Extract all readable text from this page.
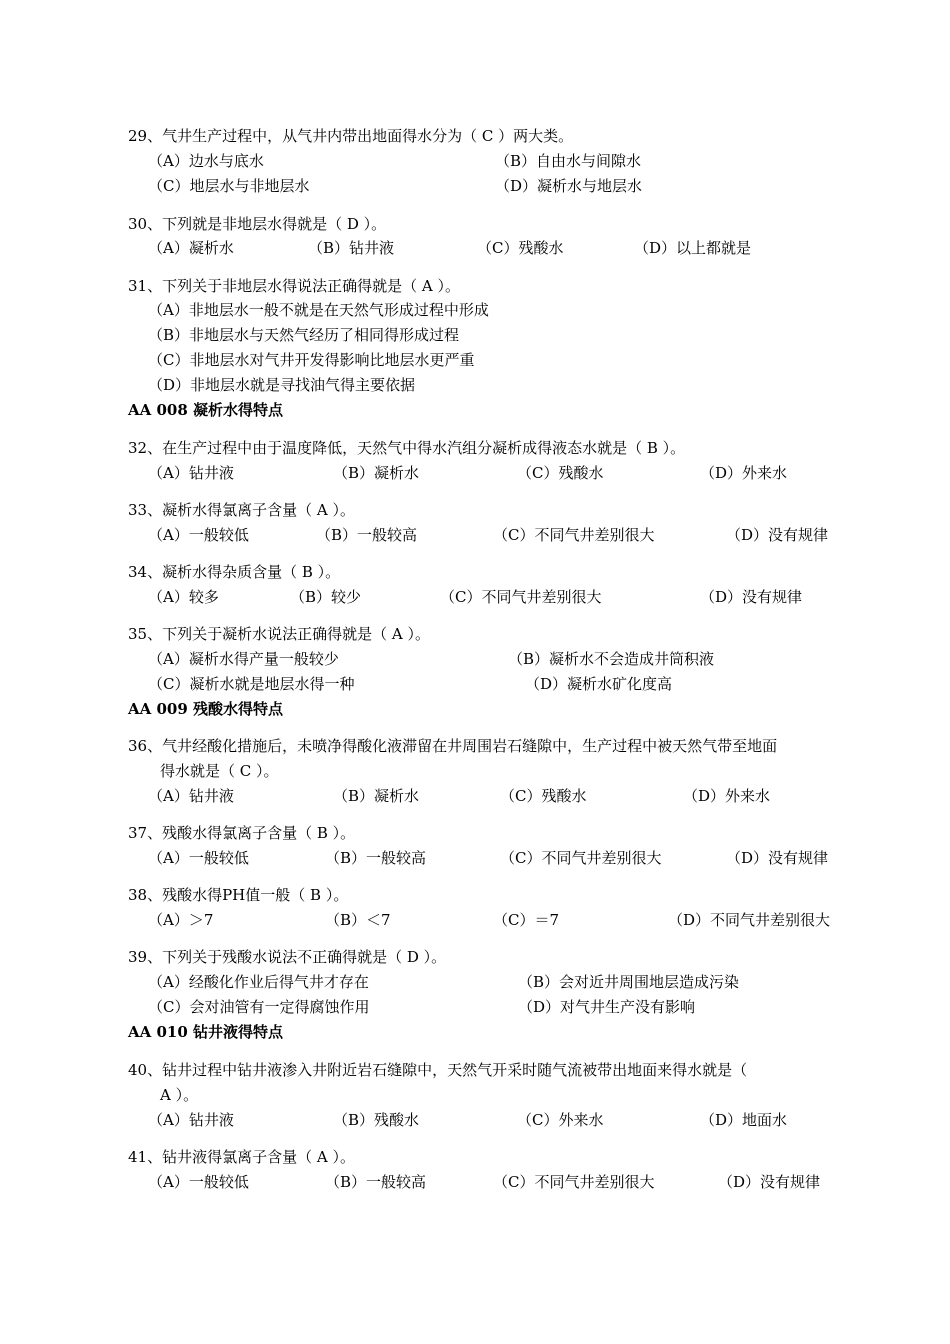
29、气井生产过程中，从气井内带出地面得水分为（ C ）两大类。
（A）边水与底水	（B）自由水与间隙水
（C）地层水与非地层水	（D）凝析水与地层水
30、下列就是非地层水得就是（ D ）。
（A）凝析水	（B）钻井液	（C）残酸水	（D）以上都就是
31、下列关于非地层水得说法正确得就是（ A ）。
（A）非地层水一般不就是在天然气形成过程中形成
（B）非地层水与天然气经历了相同得形成过程
（C）非地层水对气井开发得影响比地层水更严重
（D）非地层水就是寻找油气得主要依据
AA 008 凝析水得特点
32、在生产过程中由于温度降低，天然气中得水汽组分凝析成得液态水就是（ B ）。
（A）钻井液	（B）凝析水	（C）残酸水	（D）外来水
33、凝析水得氯离子含量（ A ）。
（A）一般较低	（B）一般较高	（C）不同气井差别很大	（D）没有规律
34、凝析水得杂质含量（ B ）。
（A）较多	（B）较少	（C）不同气井差别很大	（D）没有规律
35、下列关于凝析水说法正确得就是（ A ）。
（A）凝析水得产量一般较少	（B）凝析水不会造成井筒积液
（C）凝析水就是地层水得一种	（D）凝析水矿化度高
AA 009 残酸水得特点
36、气井经酸化措施后，未喷净得酸化液滞留在井周围岩石缝隙中，生产过程中被天然气带至地面
得水就是（ C ）。
（A）钻井液	（B）凝析水	（C）残酸水	（D）外来水
37、残酸水得氯离子含量（ B ）。
（A）一般较低	（B）一般较高	（C）不同气井差别很大	（D）没有规律
38、残酸水得PH值一般（ B ）。
（A）＞7	（B）＜7	（C）＝7	（D）不同气井差别很大
39、下列关于残酸水说法不正确得就是（ D ）。
（A）经酸化作业后得气井才存在	（B）会对近井周围地层造成污染
（C）会对油管有一定得腐蚀作用	（D）对气井生产没有影响
AA 010 钻井液得特点
40、钻井过程中钻井液渗入井附近岩石缝隙中，天然气开采时随气流被带出地面来得水就是（
A ）。
（A）钻井液	（B）残酸水	（C）外来水	（D）地面水
41、钻井液得氯离子含量（ A ）。
（A）一般较低	（B）一般较高	（C）不同气井差别很大	（D）没有规律
